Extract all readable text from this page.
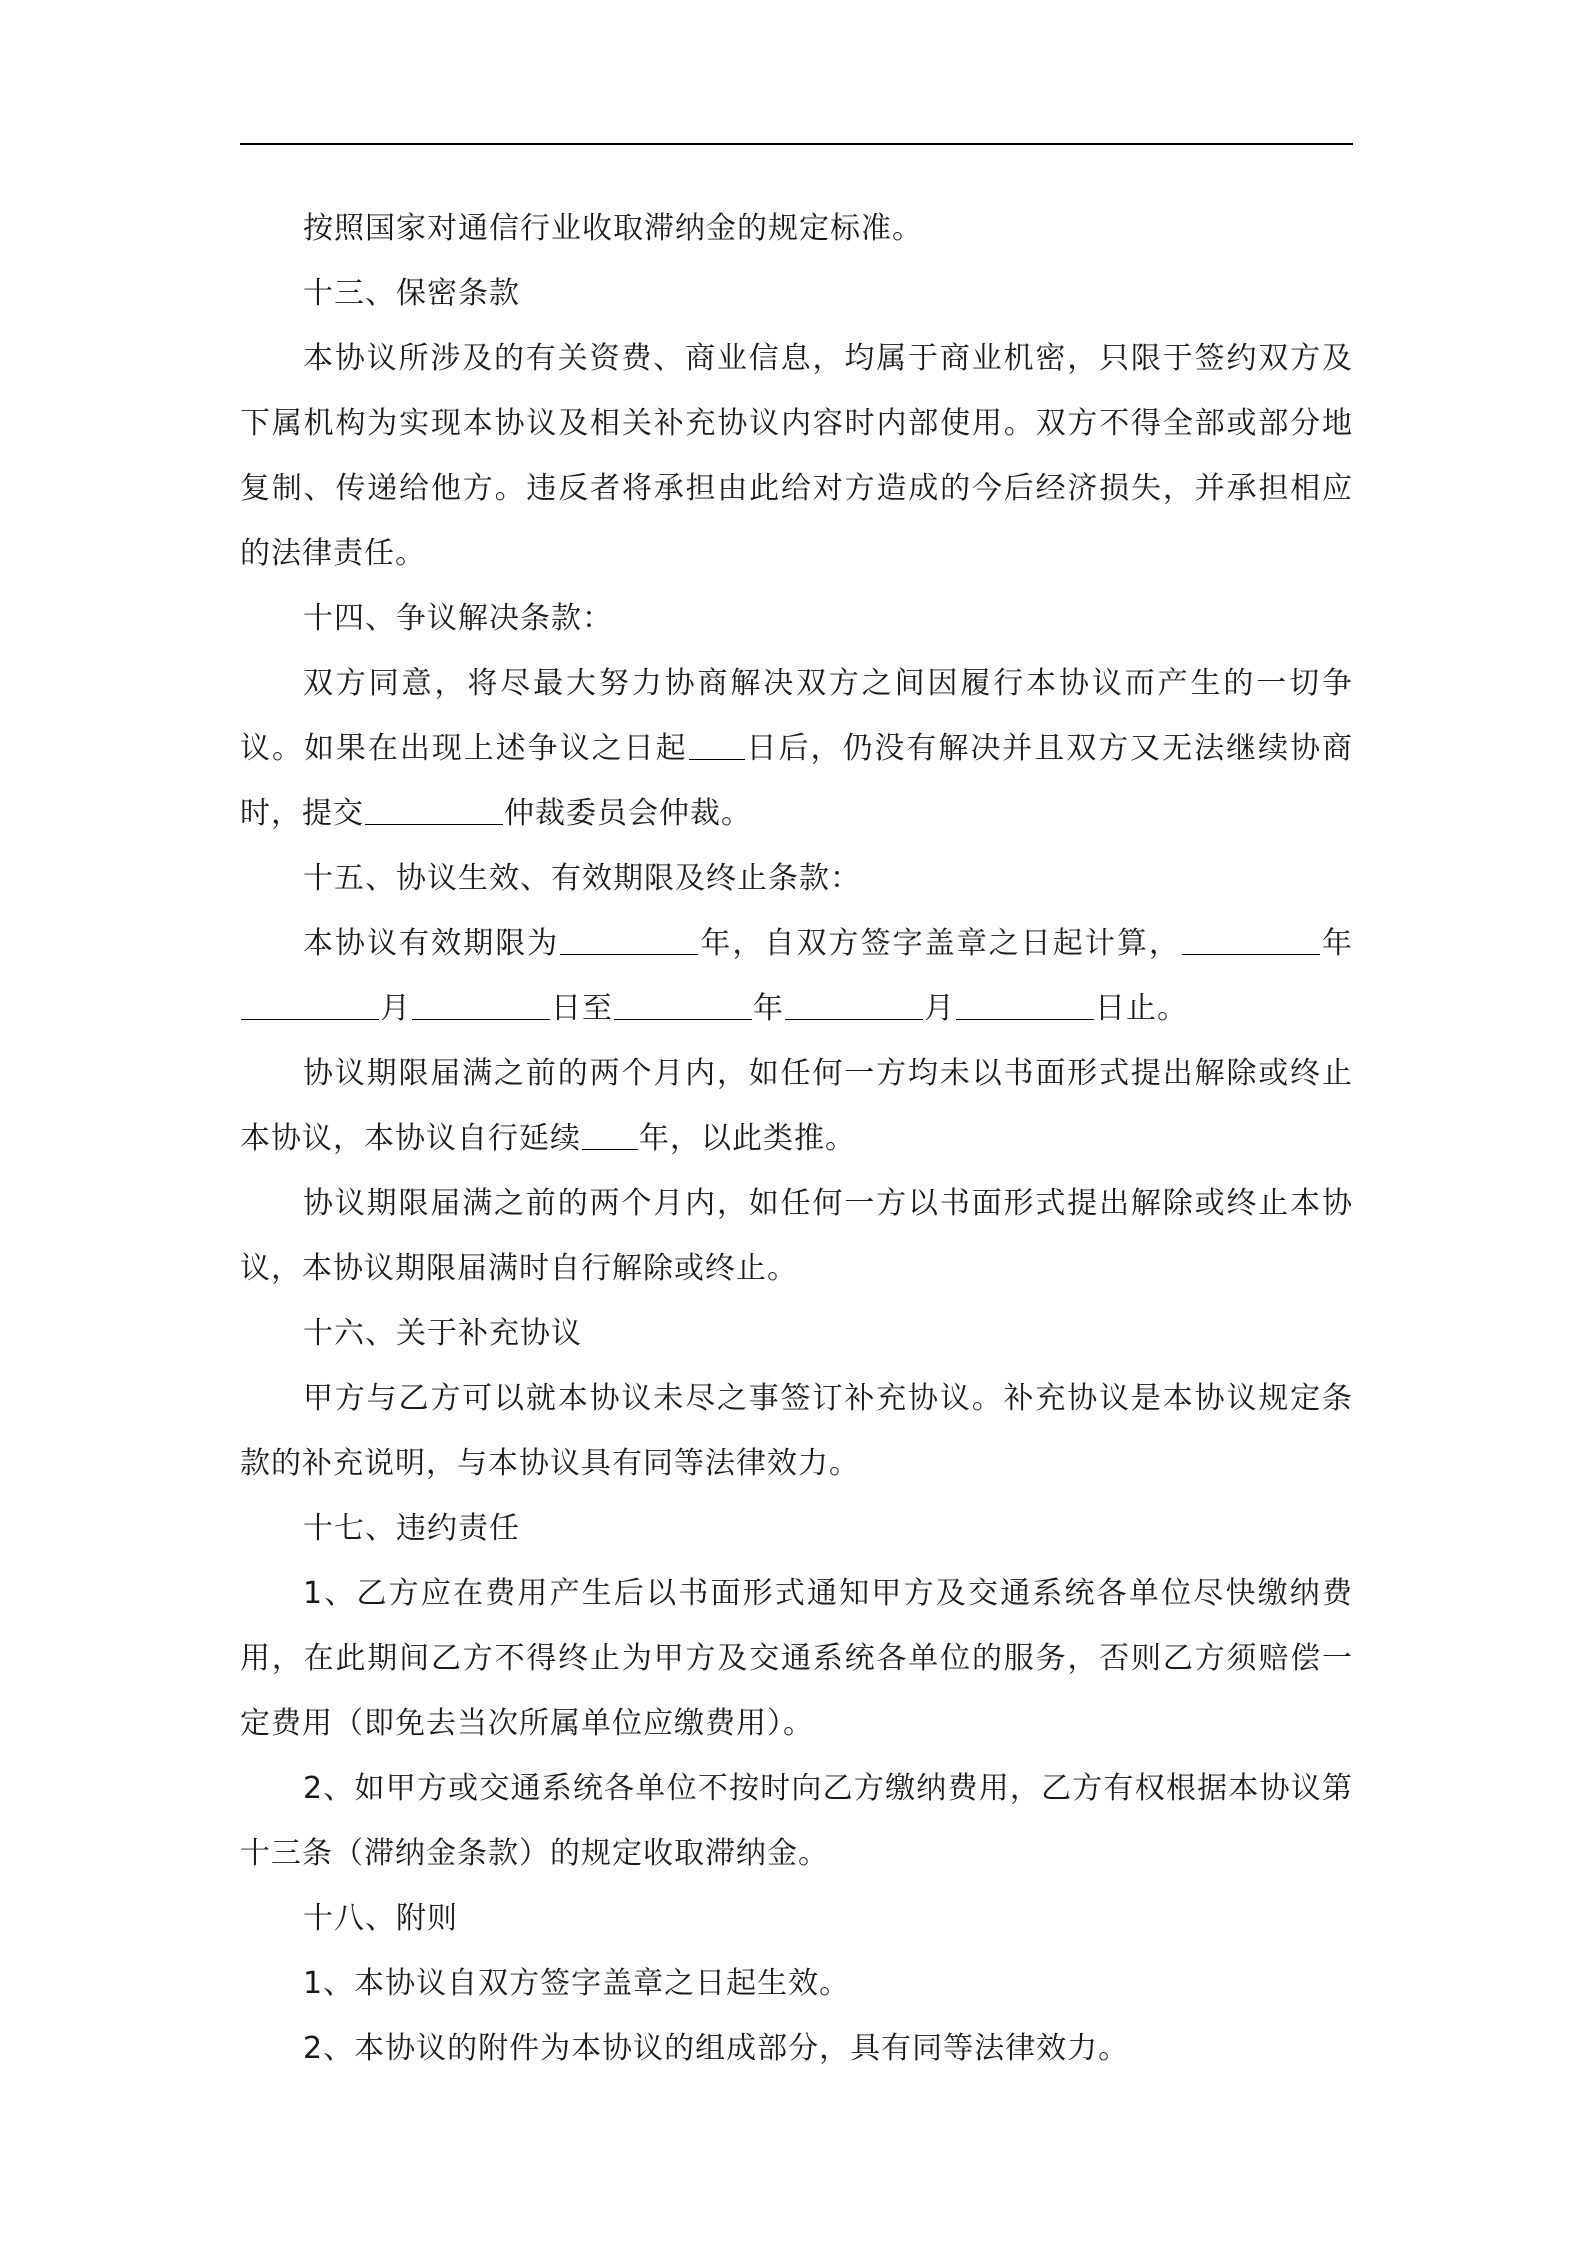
按照国家对通信行业收取滞纳金的规定标准。

十三、保密条款

本协议所涉及的有关资费、商业信息，均属于商业机密，只限于签约双方及下属机构为实现本协议及相关补充协议内容时内部使用。双方不得全部或部分地复制、传递给他方。违反者将承担由此给对方造成的今后经济损失，并承担相应的法律责任。

十四、争议解决条款：

双方同意，将尽最大努力协商解决双方之间因履行本协议而产生的一切争议。如果在出现上述争议之日起 日后，仍没有解决并且双方又无法继续协商时，提交	仲裁委员会仲裁。

十五、协议生效、有效期限及终止条款：

本协议有效期限为	年，自双方签字盖章之日起计算，	年月	日至	年	月	日止。

协议期限届满之前的两个月内，如任何一方均未以书面形式提出解除或终止本协议，本协议自行延续 年，以此类推。

协议期限届满之前的两个月内，如任何一方以书面形式提出解除或终止本协议，本协议期限届满时自行解除或终止。

十六、关于补充协议

甲方与乙方可以就本协议未尽之事签订补充协议。补充协议是本协议规定条款的补充说明，与本协议具有同等法律效力。

十七、违约责任

1、乙方应在费用产生后以书面形式通知甲方及交通系统各单位尽快缴纳费用，在此期间乙方不得终止为甲方及交通系统各单位的服务，否则乙方须赔偿一定费用（即免去当次所属单位应缴费用）。

2、如甲方或交通系统各单位不按时向乙方缴纳费用，乙方有权根据本协议第十三条（滞纳金条款）的规定收取滞纳金。

十八、附则

1、本协议自双方签字盖章之日起生效。

2、本协议的附件为本协议的组成部分，具有同等法律效力。
